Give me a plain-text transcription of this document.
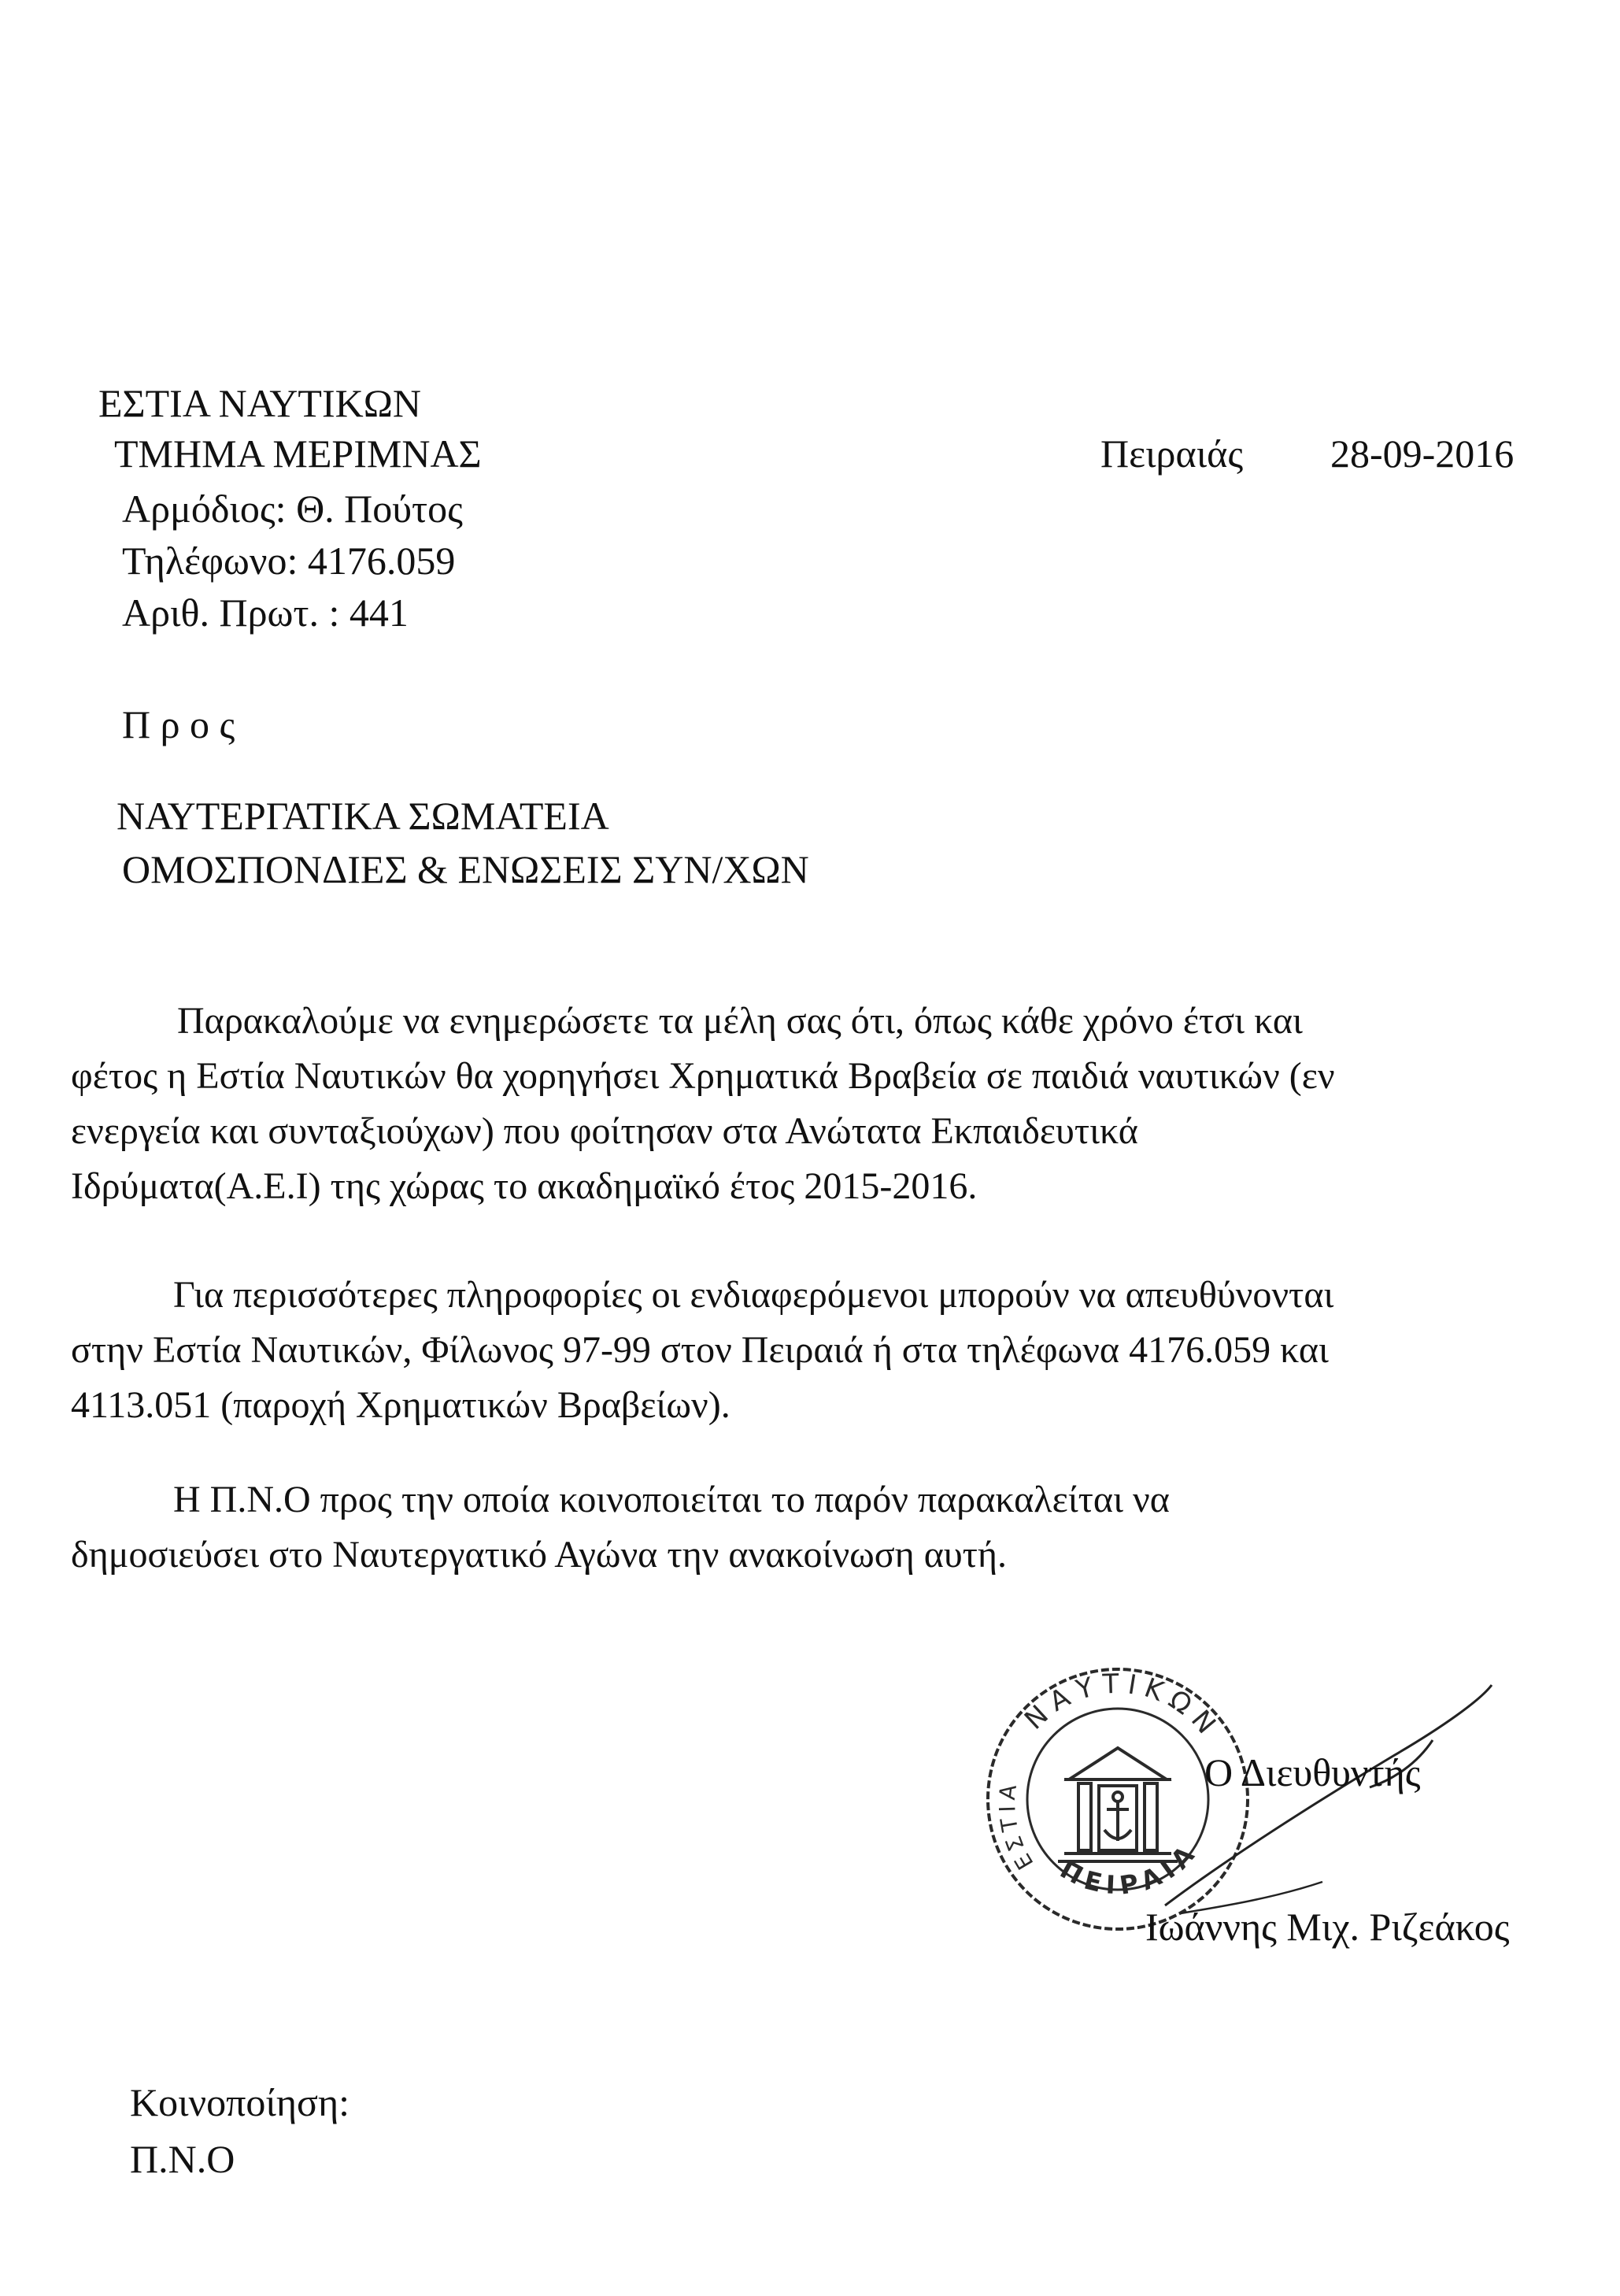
ΕΣΤΙΑ ΝΑΥΤΙΚΩΝ
ΤΜΗΜΑ ΜΕΡΙΜΝΑΣ
Αρμόδιος: Θ. Πούτος
Τηλέφωνο: 4176.059
Αριθ. Πρωτ. : 441
Πειραιάς 28-09-2016
Π ρ ο ς
ΝΑΥΤΕΡΓΑΤΙΚΑ ΣΩΜΑΤΕΙΑ
ΟΜΟΣΠΟΝΔΙΕΣ & ΕΝΩΣΕΙΣ ΣΥΝ/ΧΩΝ
Παρακαλούμε να ενημερώσετε τα μέλη σας ότι, όπως κάθε χρόνο έτσι και
φέτος η Εστία Ναυτικών θα χορηγήσει Χρηματικά Βραβεία σε παιδιά ναυτικών (εν
ενεργεία και συνταξιούχων) που φοίτησαν στα Ανώτατα Εκπαιδευτικά
Ιδρύματα(Α.Ε.Ι) της χώρας το ακαδημαϊκό έτος 2015-2016.
Για περισσότερες πληροφορίες οι ενδιαφερόμενοι μπορούν να απευθύνονται
στην Εστία Ναυτικών, Φίλωνος 97-99 στον Πειραιά ή στα τηλέφωνα 4176.059 και
4113.051 (παροχή Χρηματικών Βραβείων).
Η Π.Ν.Ο προς την οποία κοινοποιείται το παρόν παρακαλείται να
δημοσιεύσει στο Ναυτεργατικό Αγώνα την ανακοίνωση αυτή.
ΝΑΥΤΙΚΩΝ
ΕΣΤΙΑ
ΠΕΙΡΑΙΑ
Ο Διευθυντής
Ιωάννης Μιχ. Ριζεάκος
Κοινοποίηση:
Π.Ν.Ο
